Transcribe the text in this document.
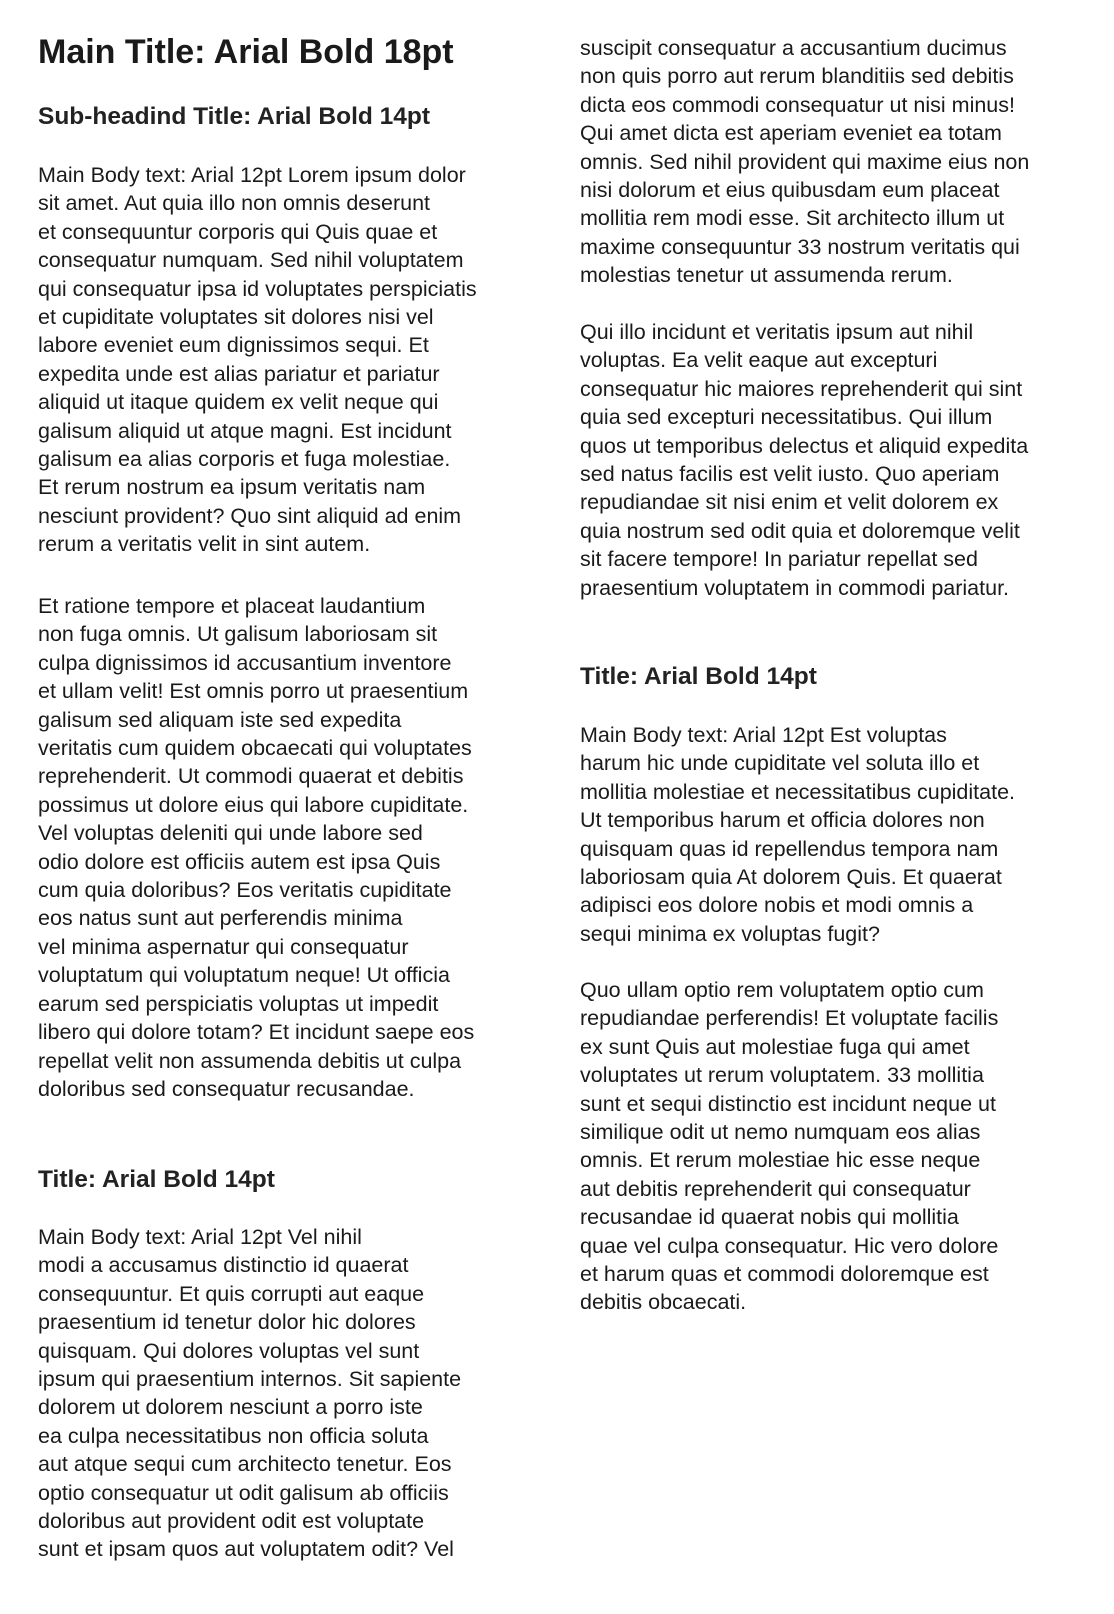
Main Title: Arial Bold 18pt
Sub-headind Title: Arial Bold 14pt

Main Body text: Arial 12pt Lorem ipsum dolor
sit amet. Aut quia illo non omnis deserunt
et consequuntur corporis qui Quis quae et
consequatur numquam. Sed nihil voluptatem
qui consequatur ipsa id voluptates perspiciatis
et cupiditate voluptates sit dolores nisi vel
labore eveniet eum dignissimos sequi. Et
expedita unde est alias pariatur et pariatur
aliquid ut itaque quidem ex velit neque qui
galisum aliquid ut atque magni. Est incidunt
galisum ea alias corporis et fuga molestiae.
Et rerum nostrum ea ipsum veritatis nam
nesciunt provident? Quo sint aliquid ad enim
rerum a veritatis velit in sint autem.

Et ratione tempore et placeat laudantium
non fuga omnis. Ut galisum laboriosam sit
culpa dignissimos id accusantium inventore
et ullam velit! Est omnis porro ut praesentium
galisum sed aliquam iste sed expedita
veritatis cum quidem obcaecati qui voluptates
reprehenderit. Ut commodi quaerat et debitis
possimus ut dolore eius qui labore cupiditate.
Vel voluptas deleniti qui unde labore sed
odio dolore est officiis autem est ipsa Quis
cum quia doloribus? Eos veritatis cupiditate
eos natus sunt aut perferendis minima
vel minima aspernatur qui consequatur
voluptatum qui voluptatum neque! Ut officia
earum sed perspiciatis voluptas ut impedit
libero qui dolore totam? Et incidunt saepe eos
repellat velit non assumenda debitis ut culpa
doloribus sed consequatur recusandae.

Title: Arial Bold 14pt

Main Body text: Arial 12pt Vel nihil
modi a accusamus distinctio id quaerat
consequuntur. Et quis corrupti aut eaque
praesentium id tenetur dolor hic dolores
quisquam. Qui dolores voluptas vel sunt
ipsum qui praesentium internos. Sit sapiente
dolorem ut dolorem nesciunt a porro iste
ea culpa necessitatibus non officia soluta
aut atque sequi cum architecto tenetur. Eos
optio consequatur ut odit galisum ab officiis
doloribus aut provident odit est voluptate
sunt et ipsam quos aut voluptatem odit? Vel

suscipit consequatur a accusantium ducimus
non quis porro aut rerum blanditiis sed debitis
dicta eos commodi consequatur ut nisi minus!
Qui amet dicta est aperiam eveniet ea totam
omnis. Sed nihil provident qui maxime eius non
nisi dolorum et eius quibusdam eum placeat
mollitia rem modi esse. Sit architecto illum ut
maxime consequuntur 33 nostrum veritatis qui
molestias tenetur ut assumenda rerum.

Qui illo incidunt et veritatis ipsum aut nihil
voluptas. Ea velit eaque aut excepturi
consequatur hic maiores reprehenderit qui sint
quia sed excepturi necessitatibus. Qui illum
quos ut temporibus delectus et aliquid expedita
sed natus facilis est velit iusto. Quo aperiam
repudiandae sit nisi enim et velit dolorem ex
quia nostrum sed odit quia et doloremque velit
sit facere tempore! In pariatur repellat sed
praesentium voluptatem in commodi pariatur.

Title: Arial Bold 14pt

Main Body text: Arial 12pt Est voluptas
harum hic unde cupiditate vel soluta illo et
mollitia molestiae et necessitatibus cupiditate.
Ut temporibus harum et officia dolores non
quisquam quas id repellendus tempora nam
laboriosam quia At dolorem Quis. Et quaerat
adipisci eos dolore nobis et modi omnis a
sequi minima ex voluptas fugit?

Quo ullam optio rem voluptatem optio cum
repudiandae perferendis! Et voluptate facilis
ex sunt Quis aut molestiae fuga qui amet
voluptates ut rerum voluptatem. 33 mollitia
sunt et sequi distinctio est incidunt neque ut
similique odit ut nemo numquam eos alias
omnis. Et rerum molestiae hic esse neque
aut debitis reprehenderit qui consequatur
recusandae id quaerat nobis qui mollitia
quae vel culpa consequatur. Hic vero dolore
et harum quas et commodi doloremque est
debitis obcaecati.
